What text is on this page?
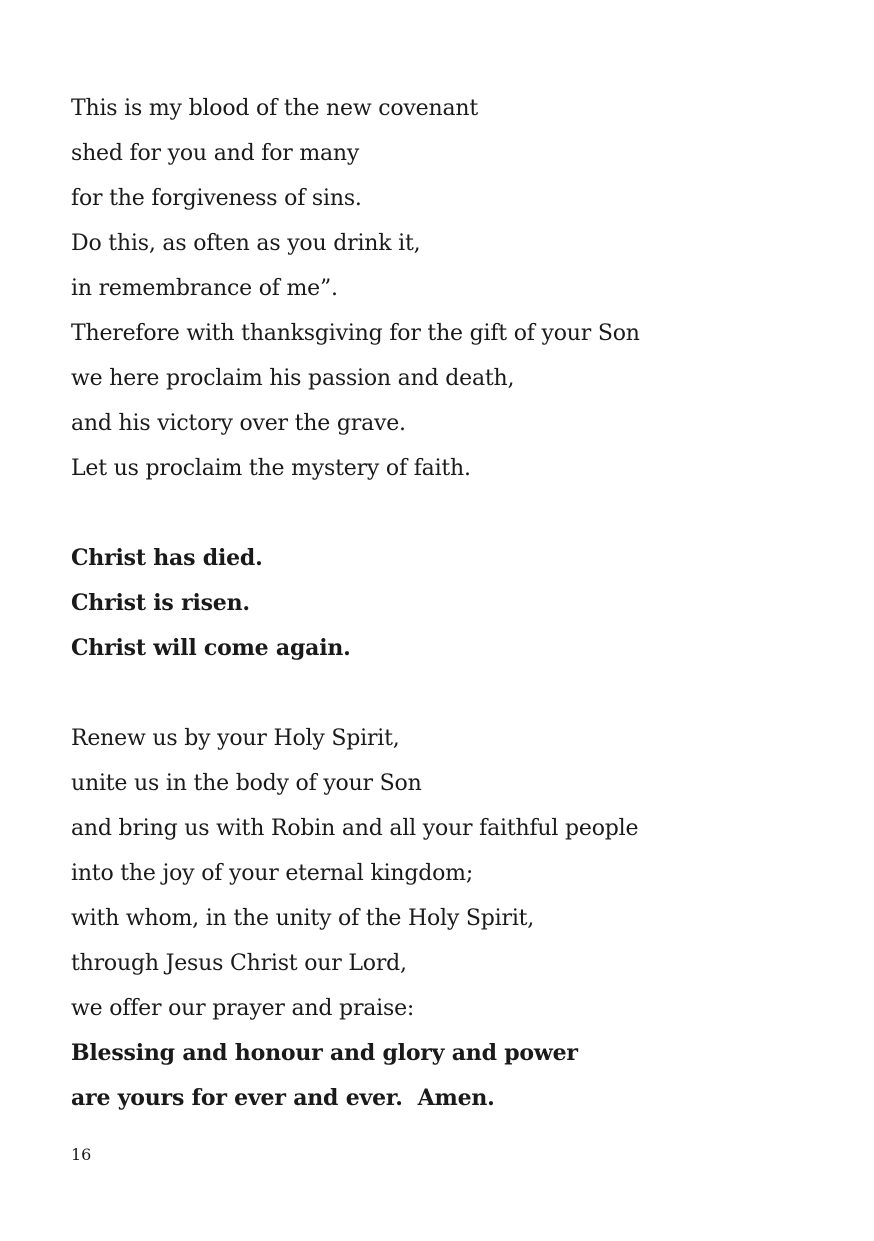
This is my blood of the new covenant
shed for you and for many
for the forgiveness of sins.
Do this, as often as you drink it,
in remembrance of me”.
Therefore with thanksgiving for the gift of your Son
we here proclaim his passion and death,
and his victory over the grave.
Let us proclaim the mystery of faith.
Christ has died.
Christ is risen.
Christ will come again.
Renew us by your Holy Spirit,
unite us in the body of your Son
and bring us with Robin and all your faithful people
into the joy of your eternal kingdom;
with whom, in the unity of the Holy Spirit,
through Jesus Christ our Lord,
we offer our prayer and praise:
Blessing and honour and glory and power
are yours for ever and ever.  Amen.
16
